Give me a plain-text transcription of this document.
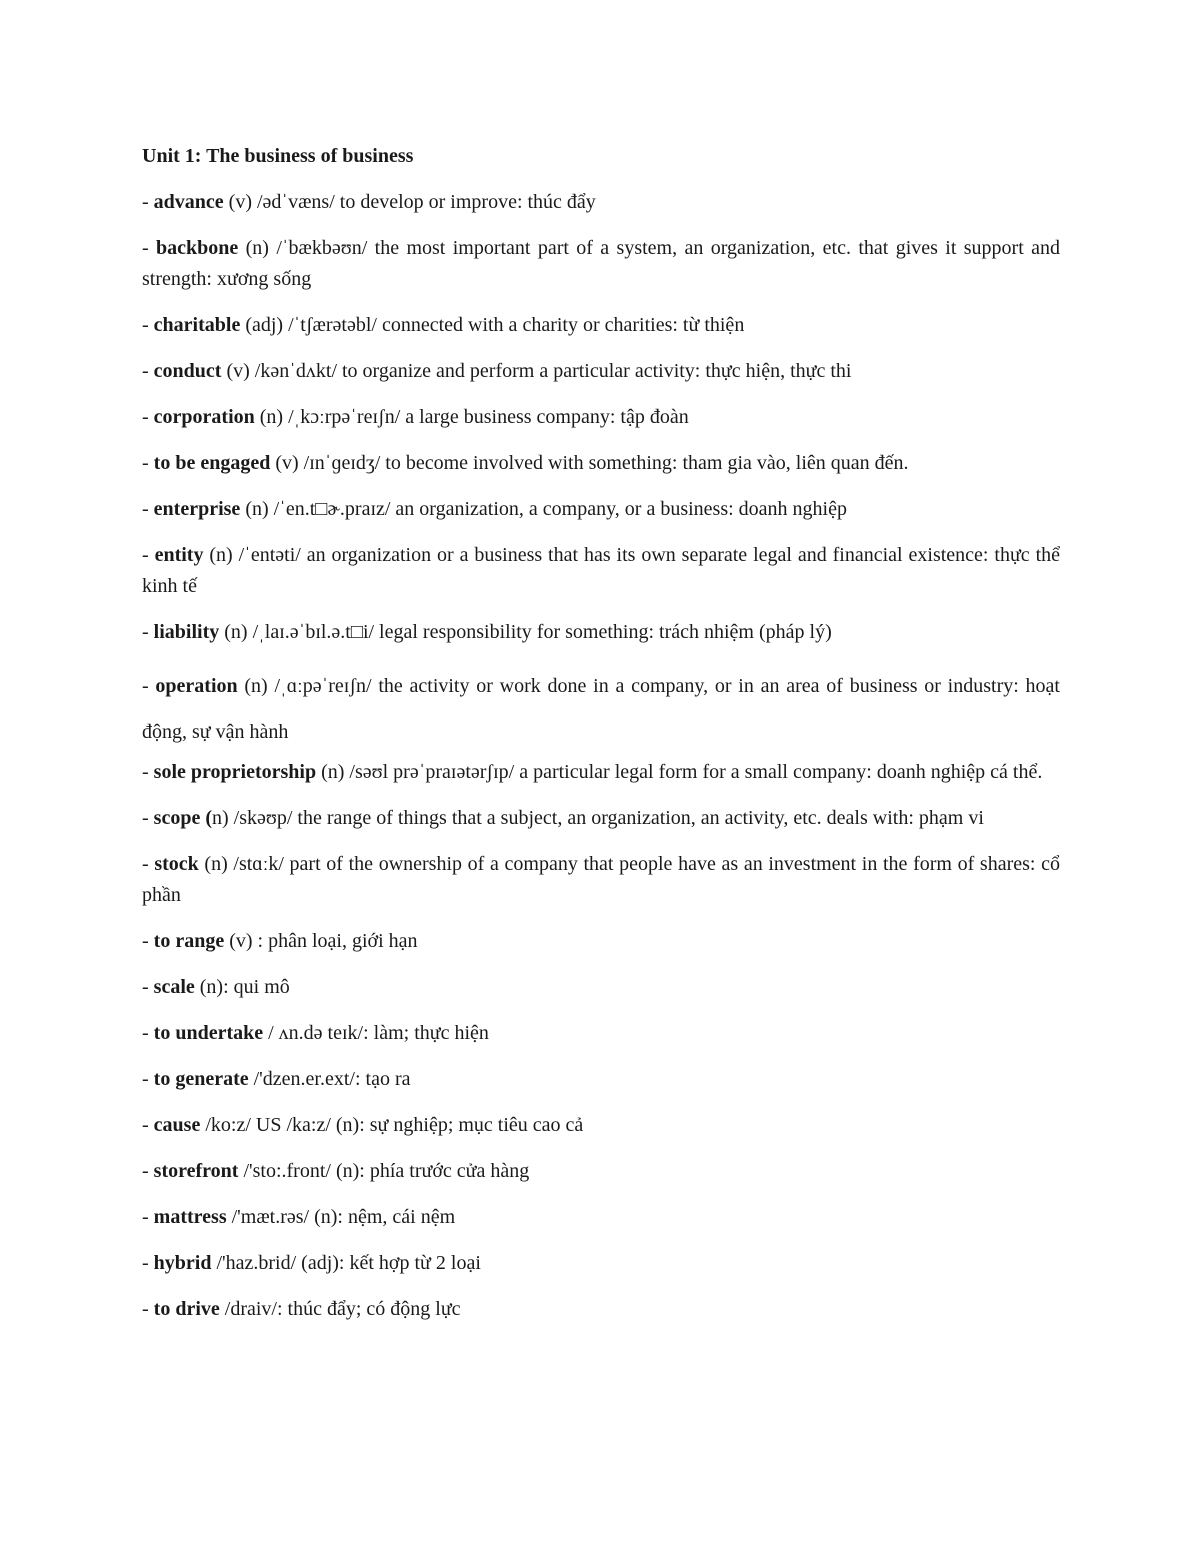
Unit 1: The business of business
- advance (v) /ədˈvæns/ to develop or improve: thúc đẩy
- backbone (n) /ˈbækbəʊn/ the most important part of a system, an organization, etc. that gives it support and strength: xương sống
- charitable (adj) /ˈtʃærətəbl/ connected with a charity or charities: từ thiện
- conduct (v) /kənˈdʌkt/ to organize and perform a particular activity: thực hiện, thực thi
- corporation (n) /ˌkɔːrpəˈreɪʃn/ a large business company: tập đoàn
- to be engaged (v) /ɪnˈɡeɪdʒ/ to become involved with something: tham gia vào, liên quan đến.
- enterprise (n) /ˈen.t□ɚ.praɪz/ an organization, a company, or a business: doanh nghiệp
- entity (n) /ˈentəti/ an organization or a business that has its own separate legal and financial existence: thực thể kinh tế
- liability (n) /ˌlaɪ.əˈbɪl.ə.t□i/ legal responsibility for something: trách nhiệm (pháp lý)
- operation (n) /ˌɑːpəˈreɪʃn/ the activity or work done in a company, or in an area of business or industry: hoạt động, sự vận hành
- sole proprietorship (n) /səʊl prəˈpraɪətərʃɪp/ a particular legal form for a small company: doanh nghiệp cá thể.
- scope (n) /skəʊp/ the range of things that a subject, an organization, an activity, etc. deals with: phạm vi
- stock (n) /stɑːk/ part of the ownership of a company that people have as an investment in the form of shares: cổ phần
- to range (v) : phân loại, giới hạn
- scale (n): qui mô
- to undertake / ʌn.də teɪk/: làm; thực hiện
- to generate /'dzen.er.ext/: tạo ra
- cause /ko:z/ US /ka:z/ (n): sự nghiệp; mục tiêu cao cả
- storefront /'sto:.front/ (n): phía trước cửa hàng
- mattress /'mæt.rəs/ (n): nệm, cái nệm
- hybrid /'haz.brid/ (adj): kết hợp từ 2 loại
- to drive /draiv/: thúc đẩy; có động lực
